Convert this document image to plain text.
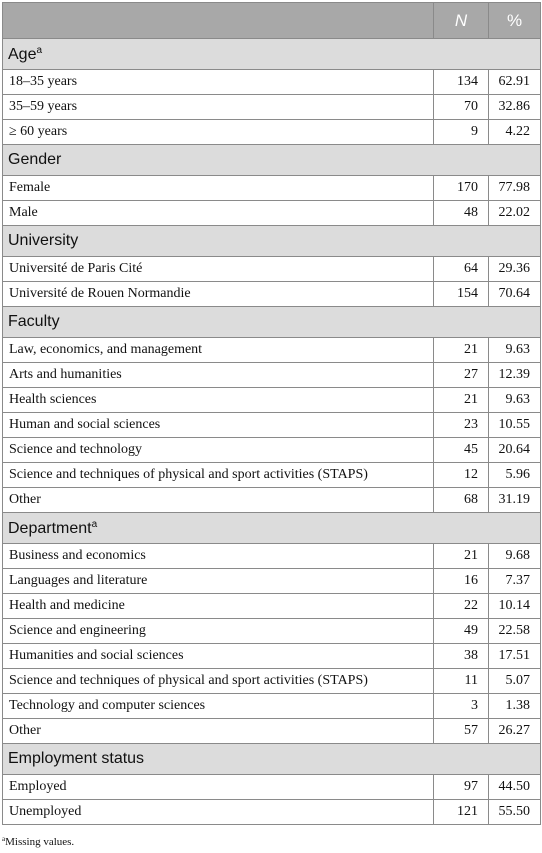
	N	%
Age$^a$
18–35 years	134	62.91
35–59 years	70	32.86
≥ 60 years	9	4.22
Gender		
Female	170	77.98
Male	48	22.02
University		
Université de Paris Cité	64	29.36
Université de Rouen Normandie	154	70.64
Faculty		
Law, economics, and management	21	9.63
Arts and humanities	27	12.39
Health sciences	21	9.63
Human and social sciences	23	10.55
Science and technology	45	20.64
Science and techniques of physical and sport activities (STAPS)	12	5.96
Other	68	31.19
Department$^a$
Business and economics	21	9.68
Languages and literature	16	7.37
Health and medicine	22	10.14
Science and engineering	49	22.58
Humanities and social sciences	38	17.51
Science and techniques of physical and sport activities (STAPS)	11	5.07
Technology and computer sciences	3	1.38
Other	57	26.27
Employment status		
Employed	97	44.50
Unemployed	121	55.50
$^a$Missing values.
